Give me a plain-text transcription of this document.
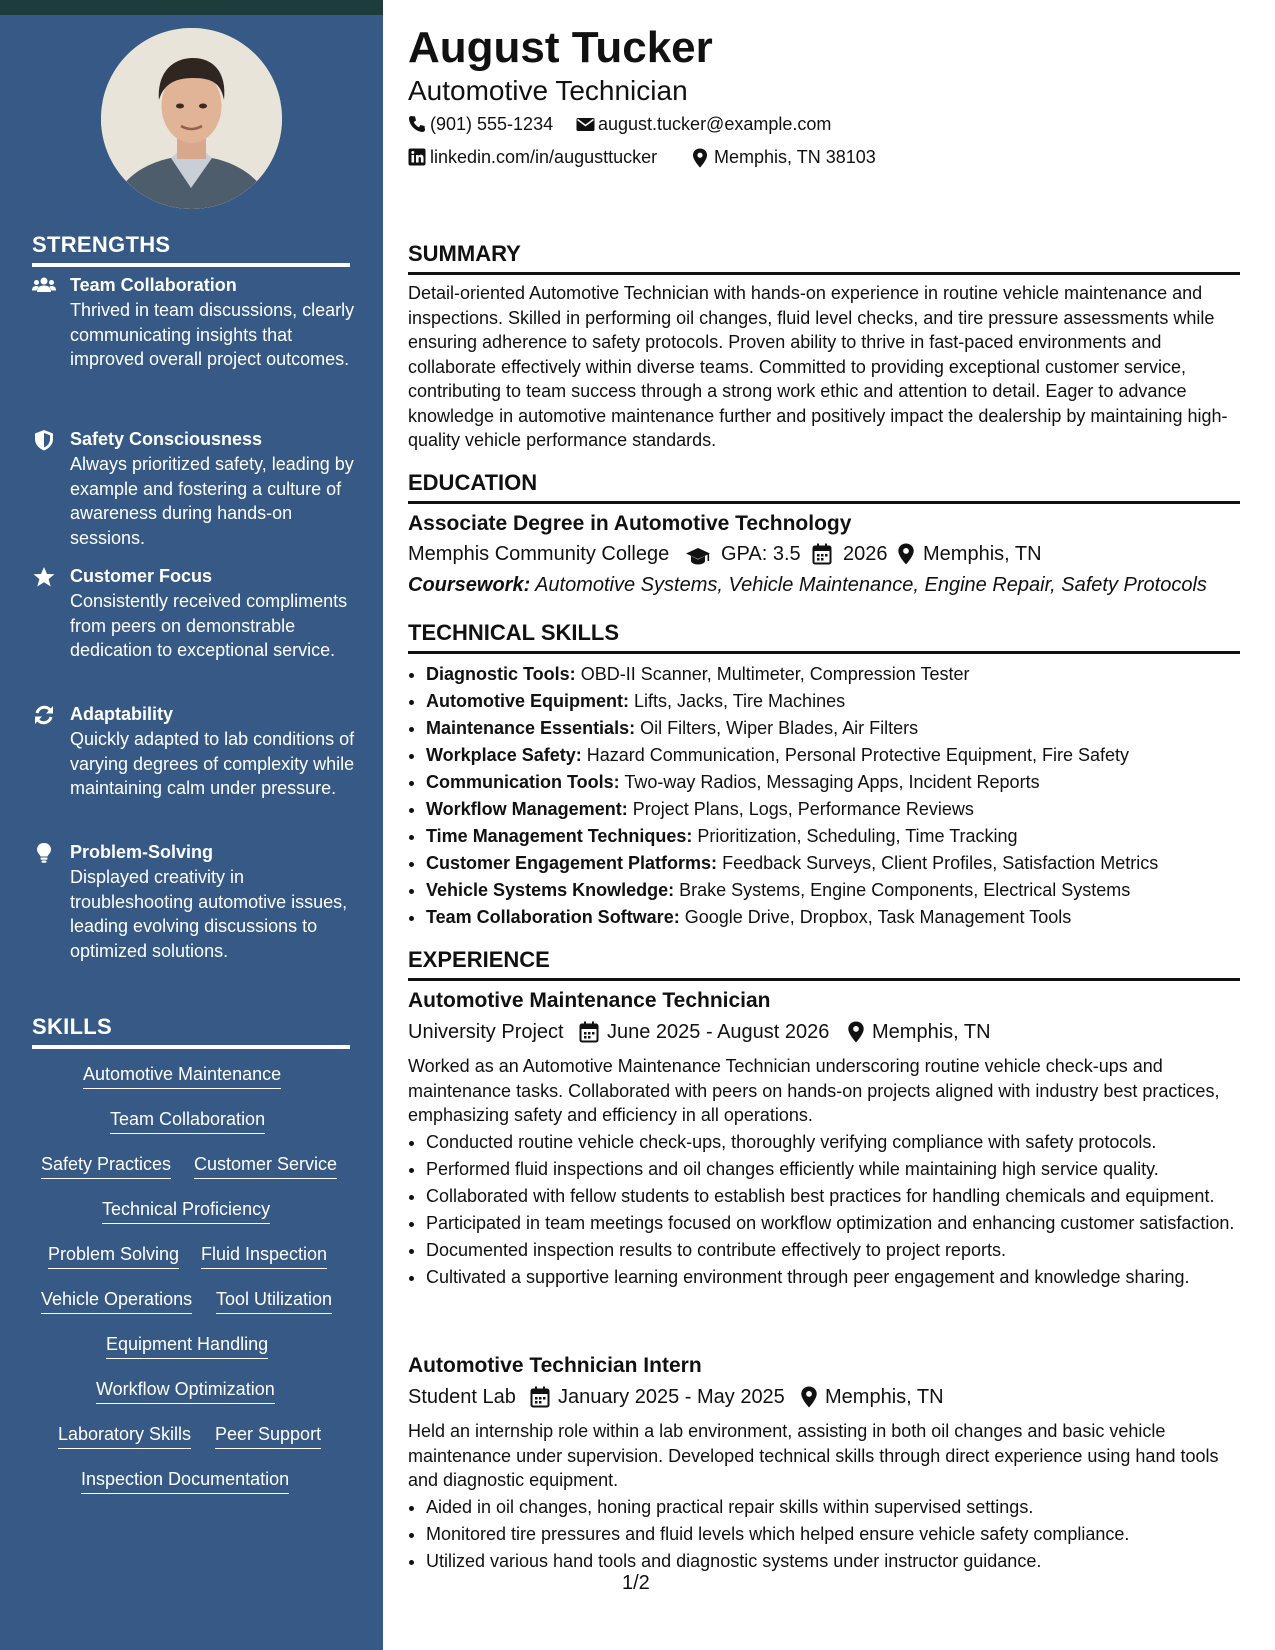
STRENGTHS
Team Collaboration
Thrived in team discussions, clearly communicating insights that improved overall project outcomes.
Safety Consciousness
Always prioritized safety, leading by example and fostering a culture of awareness during hands-on sessions.
Customer Focus
Consistently received compliments from peers on demonstrable dedication to exceptional service.
Adaptability
Quickly adapted to lab conditions of varying degrees of complexity while maintaining calm under pressure.
Problem-Solving
Displayed creativity in troubleshooting automotive issues, leading evolving discussions to optimized solutions.
SKILLS
Automotive Maintenance
Team Collaboration
Safety Practices Customer Service
Technical Proficiency
Problem Solving Fluid Inspection
Vehicle Operations Tool Utilization
Equipment Handling
Workflow Optimization
Laboratory Skills Peer Support
Inspection Documentation
August Tucker
Automotive Technician
(901) 555-1234 august.tucker@example.com
linkedin.com/in/augusttucker	Memphis, TN 38103
SUMMARY
Detail-oriented Automotive Technician with hands-on experience in routine vehicle maintenance and inspections. Skilled in performing oil changes, fluid level checks, and tire pressure assessments while ensuring adherence to safety protocols. Proven ability to thrive in fast-paced environments and collaborate effectively within diverse teams. Committed to providing exceptional customer service, contributing to team success through a strong work ethic and attention to detail. Eager to advance knowledge in automotive maintenance further and positively impact the dealership by maintaining high-quality vehicle performance standards.
EDUCATION
Associate Degree in Automotive Technology
Memphis Community College	GPA: 3.5 2026 Memphis, TN
Coursework: Automotive Systems, Vehicle Maintenance, Engine Repair, Safety Protocols
TECHNICAL SKILLS
• Diagnostic Tools: OBD-II Scanner, Multimeter, Compression Tester
• Automotive Equipment: Lifts, Jacks, Tire Machines
• Maintenance Essentials: Oil Filters, Wiper Blades, Air Filters
• Workplace Safety: Hazard Communication, Personal Protective Equipment, Fire Safety
• Communication Tools: Two-way Radios, Messaging Apps, Incident Reports
• Workflow Management: Project Plans, Logs, Performance Reviews
• Time Management Techniques: Prioritization, Scheduling, Time Tracking
• Customer Engagement Platforms: Feedback Surveys, Client Profiles, Satisfaction Metrics
• Vehicle Systems Knowledge: Brake Systems, Engine Components, Electrical Systems
• Team Collaboration Software: Google Drive, Dropbox, Task Management Tools
EXPERIENCE
Automotive Maintenance Technician
University Project June 2025 - August 2026 Memphis, TN
Worked as an Automotive Maintenance Technician underscoring routine vehicle check-ups and maintenance tasks. Collaborated with peers on hands-on projects aligned with industry best practices, emphasizing safety and efficiency in all operations.
• Conducted routine vehicle check-ups, thoroughly verifying compliance with safety protocols.
• Performed fluid inspections and oil changes efficiently while maintaining high service quality.
• Collaborated with fellow students to establish best practices for handling chemicals and equipment.
• Participated in team meetings focused on workflow optimization and enhancing customer satisfaction.
• Documented inspection results to contribute effectively to project reports.
• Cultivated a supportive learning environment through peer engagement and knowledge sharing.
Automotive Technician Intern
Student Lab January 2025 - May 2025 Memphis, TN
Held an internship role within a lab environment, assisting in both oil changes and basic vehicle maintenance under supervision. Developed technical skills through direct experience using hand tools and diagnostic equipment.
• Aided in oil changes, honing practical repair skills within supervised settings.
• Monitored tire pressures and fluid levels which helped ensure vehicle safety compliance.
• Utilized various hand tools and diagnostic systems under instructor guidance.
1/2
